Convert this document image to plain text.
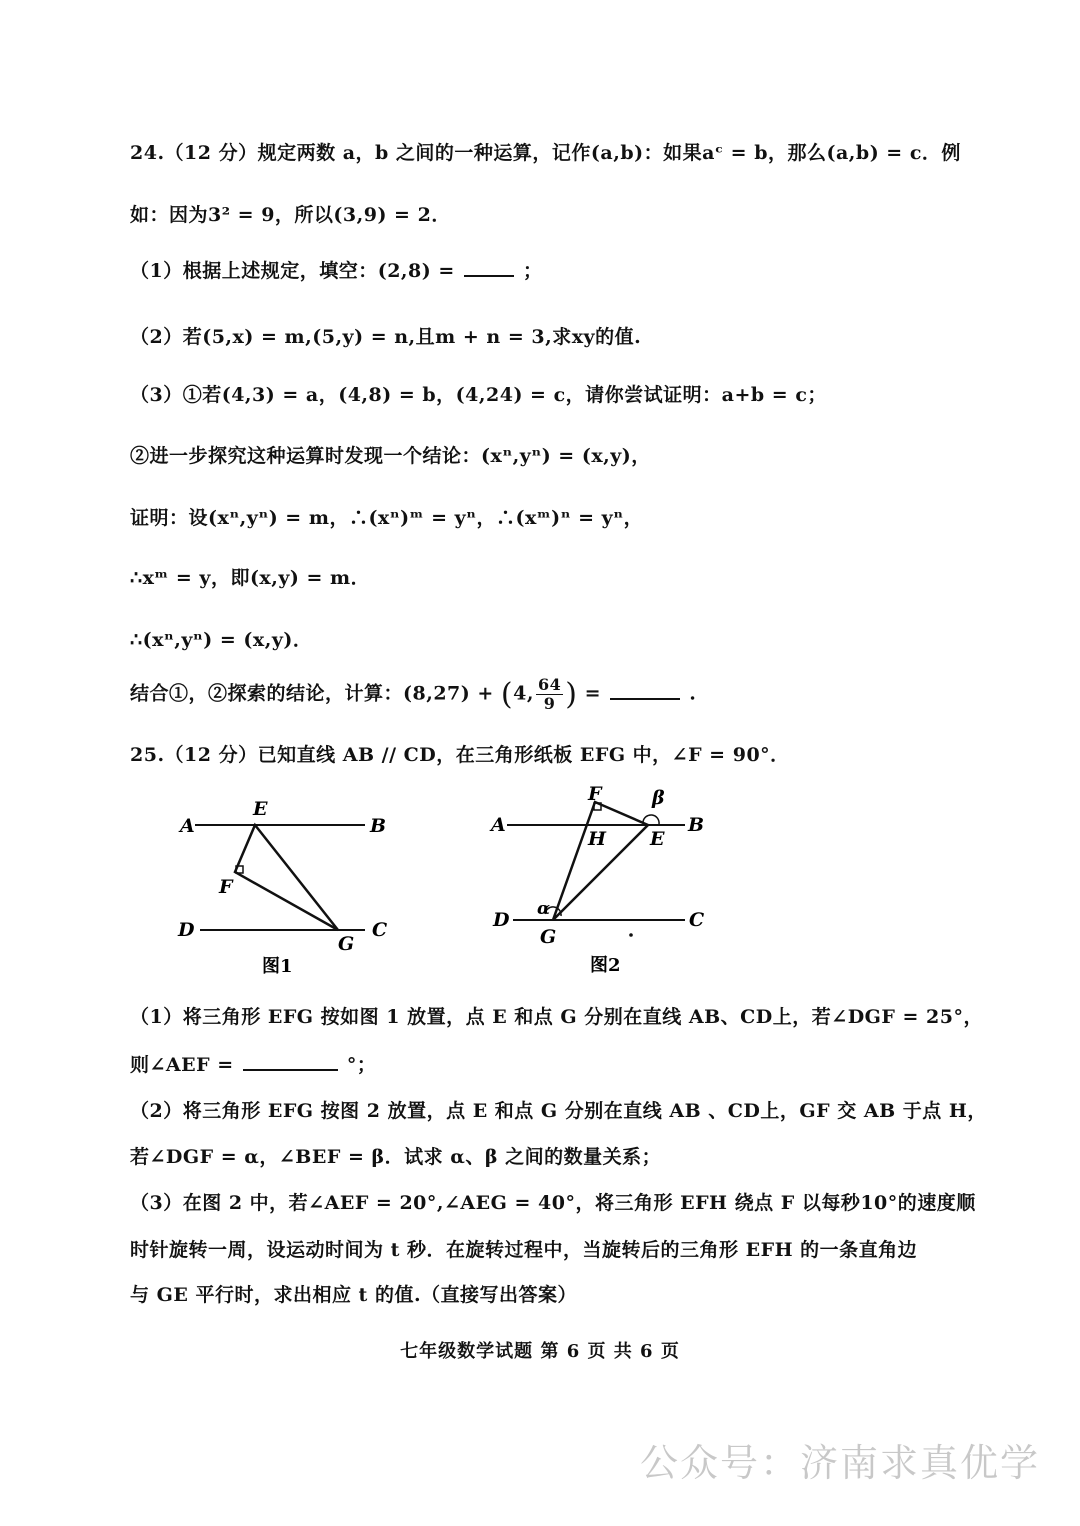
24.（12 分）规定两数 a，b 之间的一种运算，记作(a,b)：如果aᶜ = b，那么(a,b) = c．例
如：因为3² = 9，所以(3,9) = 2．
（1）根据上述规定，填空：(2,8) =	；
（2）若(5,x) = m,(5,y) = n,且m + n = 3,求xy的值.
（3）①若(4,3) = a，(4,8) = b，(4,24) = c，请你尝试证明：a+b = c；
②进一步探究这种运算时发现一个结论：(xⁿ,yⁿ) = (x,y)，
证明：设(xⁿ,yⁿ) = m，∴(xⁿ)ᵐ = yⁿ，∴(xᵐ)ⁿ = yⁿ，
∴xᵐ = y，即(x,y) = m．
∴(xⁿ,yⁿ) = (x,y)．
结合①，②探索的结论，计算：(8,27) + (4, $\frac{64}{9}$ ) =	.
25.（12 分）已知直线 AB // CD，在三角形纸板 EFG 中，∠F = 90°．
A	B
E
F
D	C
G
图1
A	B
F	β
H E
α
D	C
G
图2
（1）将三角形 EFG 按如图 1 放置，点 E 和点 G 分别在直线 AB、CD上，若∠DGF = 25°，
则∠AEF =	°；
（2）将三角形 EFG 按图 2 放置，点 E 和点 G 分别在直线 AB 、CD上，GF 交 AB 于点 H，
若∠DGF = α，∠BEF = β．试求 α、β 之间的数量关系；
（3）在图 2 中，若∠AEF = 20°,∠AEG = 40°，将三角形 EFH 绕点 F 以每秒10°的速度顺
时针旋转一周，设运动时间为 t 秒．在旋转过程中，当旋转后的三角形 EFH 的一条直角边
与 GE 平行时，求出相应 t 的值.（直接写出答案）
七年级数学试题 第 6 页 共 6 页
公众号：济南求真优学
